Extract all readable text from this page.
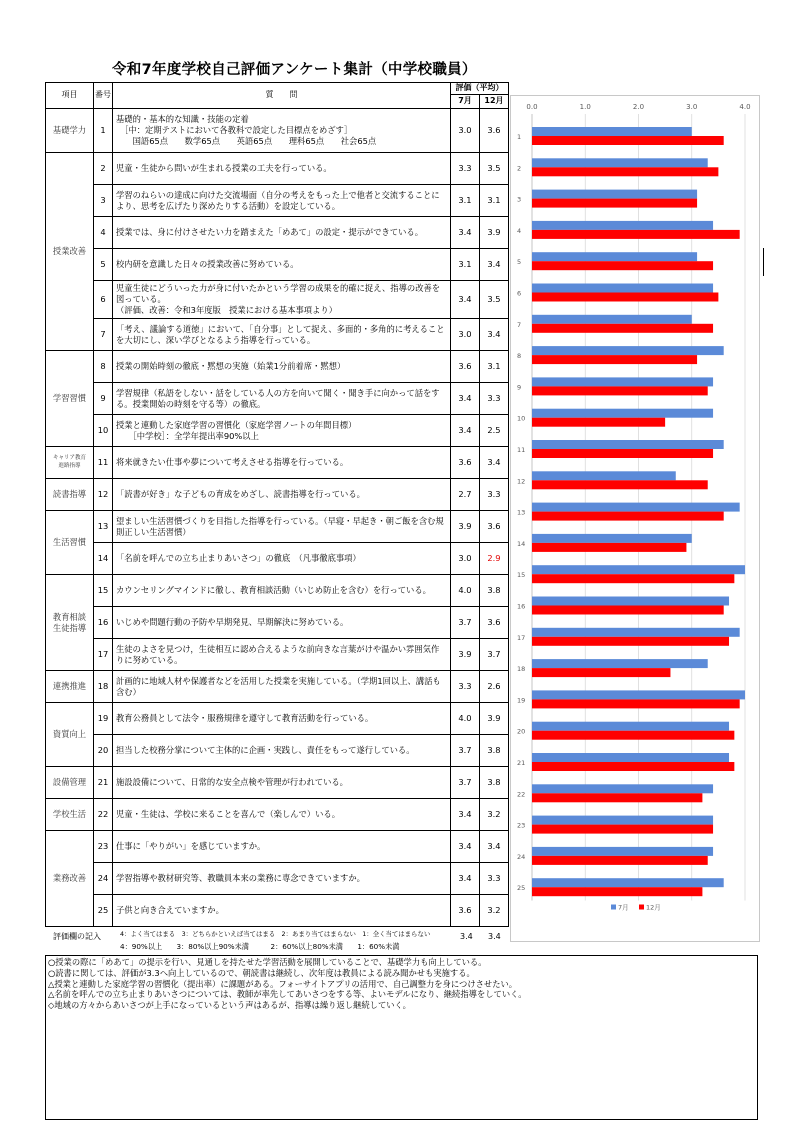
令和7年度学校自己評価アンケート集計（中学校職員）
項目	番号	質　　問	評価（平均）	
			7月	12月

基礎学力	1	基礎的・基本的な知識・技能の定着
　［中：定期テストにおいて各教科で設定した目標点をめざす］
　　国語65点　　数学65点　　英語65点　　理科65点　　社会65点	3.0	3.6

授業改善	2	児童・生徒から問いが生まれる授業の工夫を行っている。	3.3	3.5
	3	学習のねらいの達成に向けた交流場面（自分の考えをもった上で他者と交流することにより、思考を広げたり深めたりする活動）を設定している。	3.1	3.1
	4	授業では、身に付けさせたい力を踏まえた「めあて」の設定・提示ができている。	3.4	3.9
	5	校内研を意識した日々の授業改善に努めている。	3.1	3.4
	6	児童生徒にどういった力が身に付いたかという学習の成果を的確に捉え、指導の改善を図っている。
（評価、改善：令和3年度版　授業における基本事項より）	3.4	3.5
	7	「考え、議論する道徳」において、「自分事」として捉え、多面的・多角的に考えることを大切にし、深い学びとなるよう指導を行っている。	3.0	3.4

学習習慣	8	授業の開始時刻の徹底・黙想の実施（始業1分前着席・黙想）	3.6	3.1
	9	学習規律（私語をしない・話をしている人の方を向いて聞く・聞き手に向かって話をする。授業開始の時刻を守る等）の徹底。	3.4	3.3
	10	授業と連動した家庭学習の習慣化（家庭学習ノートの年間目標）
　　［中学校］：全学年提出率90%以上	3.4	2.5

キャリア教育
進路指導	11	将来就きたい仕事や夢について考えさせる指導を行っている。	3.6	3.4

読書指導	12	「読書が好き」な子どもの育成をめざし、読書指導を行っている。	2.7	3.3

生活習慣	13	望ましい生活習慣づくりを目指した指導を行っている。（早寝・早起き・朝ご飯を含む規則正しい生活習慣）	3.9	3.6
	14	「名前を呼んでの立ち止まりあいさつ」の徹底　（凡事徹底事項）	3.0	2.9

教育相談
生徒指導	15	カウンセリングマインドに徹し、教育相談活動（いじめ防止を含む）を行っている。	4.0	3.8
	16	いじめや問題行動の予防や早期発見、早期解決に努めている。	3.7	3.6
	17	生徒のよさを見つけ，生徒相互に認め合えるような前向きな言葉がけや温かい雰囲気作りに努めている。	3.9	3.7

連携推進	18	計画的に地域人材や保護者などを活用した授業を実施している。（学期1回以上、講話も含む）	3.3	2.6

資質向上	19	教育公務員として法令・服務規律を遵守して教育活動を行っている。	4.0	3.9
	20	担当した校務分掌について主体的に企画・実践し、責任をもって遂行している。	3.7	3.8

設備管理	21	施設設備について、日常的な安全点検や管理が行われている。	3.7	3.8

学校生活	22	児童・生徒は、学校に来ることを喜んで（楽しんで）いる。	3.4	3.2

業務改善	23	仕事に「やりがい」を感じていますか。	3.4	3.4
	24	学習指導や教材研究等、教職員本来の業務に専念できていますか。	3.4	3.3
	25	子供と向き合えていますか。	3.6	3.2
0.0	1.0	2.0	3.0	4.0
1
2
3
4
5
6
7
8
9
10
11
12
13
14
15
16
17
18
19
20
21
22
23
24
25
7月	12月
評価欄の記入	4：よく当てはまる　3：どちらかといえば当てはまる　2：あまり当てはまらない　1：全く当てはまらない
4：90%以上　　3：80%以上90%未満　　　2：60%以上80%未満　　1：60%未満
3.4 3.4
○授業の際に「めあて」の提示を行い、見通しを持たせた学習活動を展開していることで、基礎学力も向上している。
○読書に関しては、評価が3.3へ向上しているので、朝読書は継続し、次年度は教員による読み聞かせも実施する。
△授業と連動した家庭学習の習慣化（提出率）に課題がある。フォーサイトアプリの活用で、自己調整力を身につけさせたい。
△名前を呼んでの立ち止まりあいさつについては、教師が率先してあいさつをする等、よいモデルになり、継続指導をしていく。
◇地域の方々からあいさつが上手になっているという声はあるが、指導は繰り返し継続していく。
